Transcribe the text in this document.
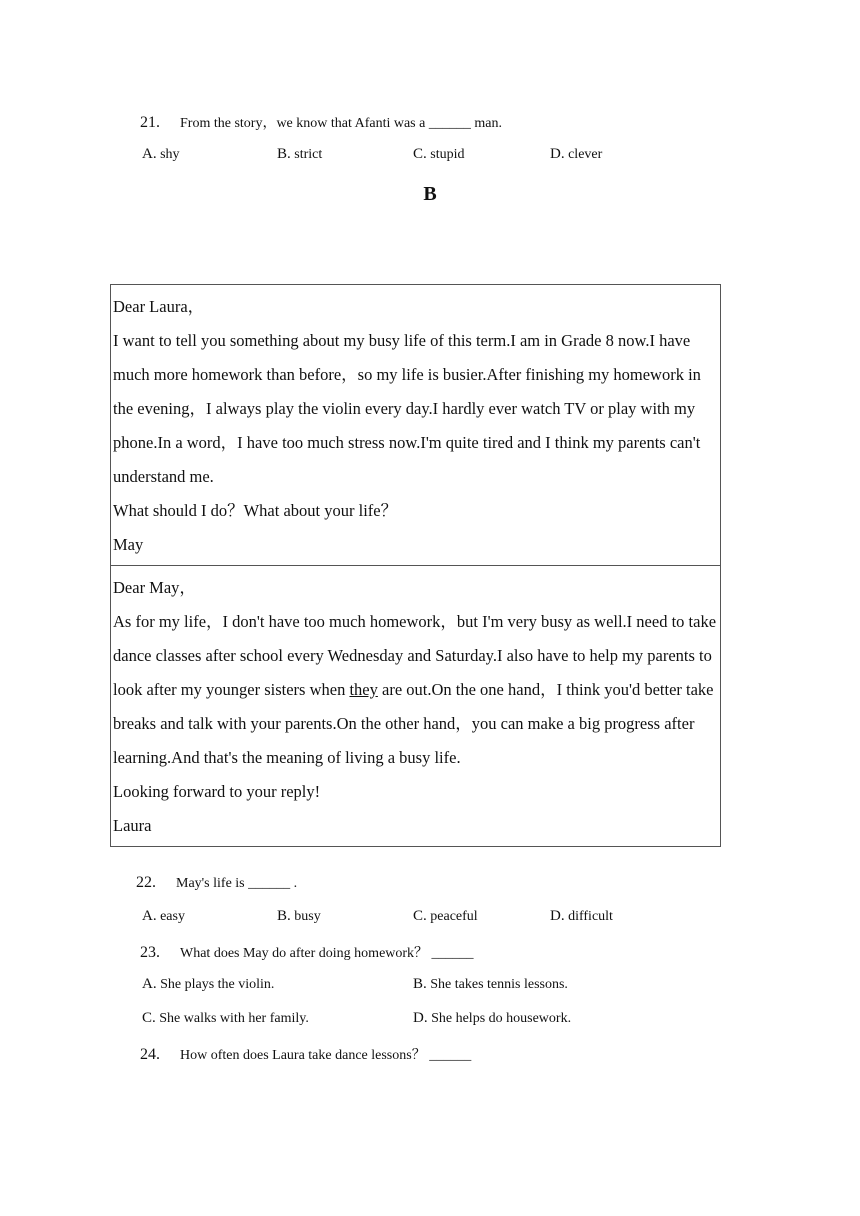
21. From the story，we know that Afanti was a ______ man.
A. shy	B. strict	C. stupid	D. clever
B

Dear Laura，

I want to tell you something about my busy life of this term.I am in Grade 8 now.I have much more homework than before，so my life is busier.After finishing my homework in the evening，I always play the violin every day.I hardly ever watch TV or play with my phone.In a word，I have too much stress now.I'm quite tired and I think my parents can't understand me.

What should I do？What about your life？

May

Dear May，

As for my life，I don't have too much homework，but I'm very busy as well.I need to take dance classes after school every Wednesday and Saturday.I also have to help my parents to look after my younger sisters when they are out.On the one hand，I think you'd better take breaks and talk with your parents.On the other hand，you can make a big progress after learning.And that's the meaning of living a busy life.

Looking forward to your reply!

Laura

22. May's life is ______ .
A. easy	B. busy	C. peaceful	D. difficult
23. What does May do after doing homework？ ______
A. She plays the violin.	B. She takes tennis lessons.
C. She walks with her family.	D. She helps do housework.
24. How often does Laura take dance lessons？ ______
